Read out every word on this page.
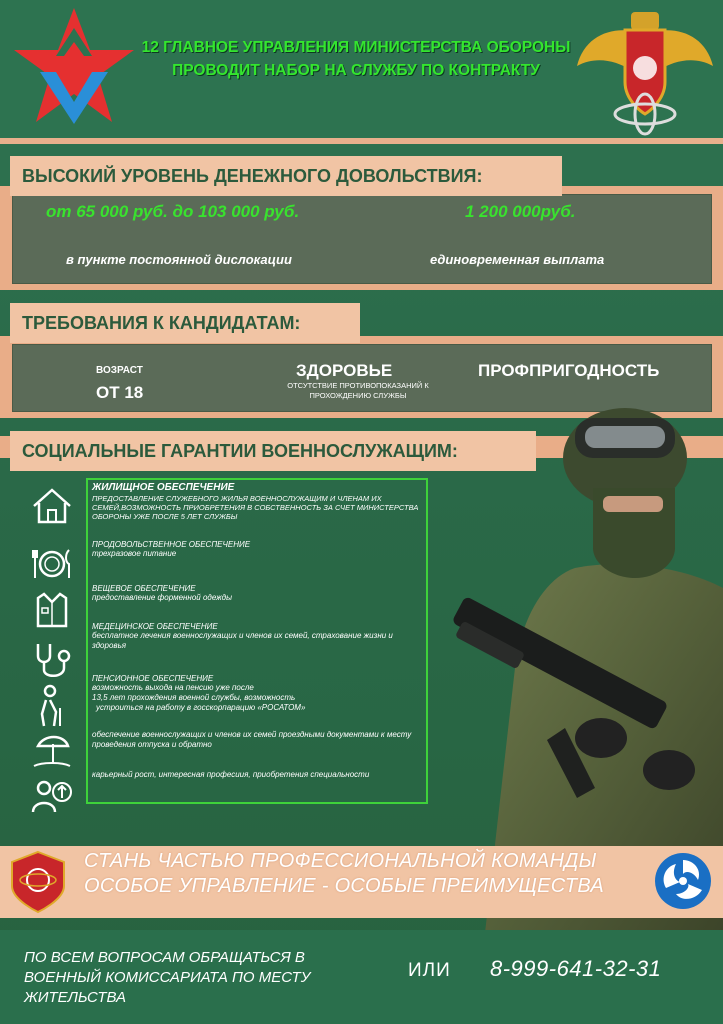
12 ГЛАВНОЕ УПРАВЛЕНИЯ МИНИСТЕРСТВА ОБОРОНЫ ПРОВОДИТ НАБОР НА СЛУЖБУ ПО КОНТРАКТУ
ВЫСОКИЙ УРОВЕНЬ ДЕНЕЖНОГО ДОВОЛЬСТВИЯ:
от 65 000 руб. до 103 000 руб.	1 200 000руб.
в пункте постоянной дислокации	единовременная выплата
ТРЕБОВАНИЯ К КАНДИДАТАМ:
ВОЗРАСТ
ОТ 18
ЗДОРОВЬЕ
ОТСУТСТВИЕ ПРОТИВОПОКАЗАНИЙ К ПРОХОЖДЕНИЮ СЛУЖБЫ
ПРОФПРИГОДНОСТЬ
СОЦИАЛЬНЫЕ ГАРАНТИИ ВОЕННОСЛУЖАЩИМ:
ЖИЛИЩНОЕ ОБЕСПЕЧЕНИЕ
ПРЕДОСТАВЛЕНИЕ СЛУЖЕБНОГО ЖИЛЬЯ ВОЕННОСЛУЖАЩИМ И ЧЛЕНАМ ИХ СЕМЕЙ,ВОЗМОЖНОСТЬ ПРИОБРЕТЕНИЯ В СОБСТВЕННОСТЬ ЗА СЧЕТ МИНИСТЕРСТВА ОБОРОНЫ УЖЕ ПОСЛЕ 5 ЛЕТ СЛУЖБЫ
ПРОДОВОЛЬСТВЕННОЕ ОБЕСПЕЧЕНИЕ
трехразовое питание
ВЕЩЕВОЕ ОБЕСПЕЧЕНИЕ
предоставление форменной одежды
МЕДЕЦИНСКОЕ ОБЕСПЕЧЕНИЕ
бесплатное лечения военнослужащих и членов их семей, страхование жизни и здоровья
ПЕНСИОННОЕ ОБЕСПЕЧЕНИЕ
возможность выхода на пенсию уже после
13,5 лет прохождения военной службы, возможность
устроиться на работу в госскорпарацию «РОСАТОМ»
обеспечение военнослужащих и членов их семей проездными документами к месту проведения отпуска и обратно
карьерный рост, интересная професиия, приобретения специальности
СТАНЬ ЧАСТЬЮ ПРОФЕССИОНАЛЬНОЙ КОМАНДЫ
ОСОБОЕ УПРАВЛЕНИЕ - ОСОБЫЕ ПРЕИМУЩЕСТВА
ПО ВСЕМ ВОПРОСАМ ОБРАЩАТЬСЯ В ВОЕННЫЙ КОМИССАРИАТА ПО МЕСТУ ЖИТЕЛЬСТВА
ИЛИ 8-999-641-32-31
